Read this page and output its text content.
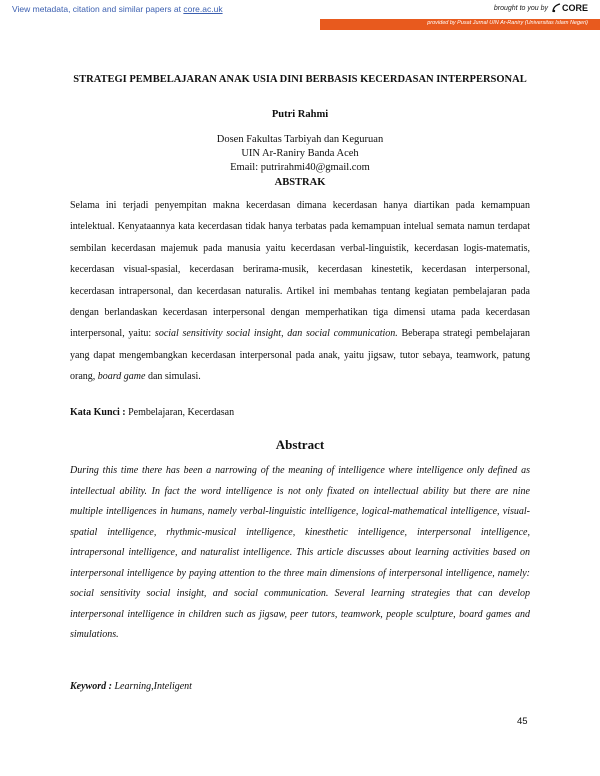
View metadata, citation and similar papers at core.ac.uk	brought to you by CORE
provided by Pusat Jurnal UIN Ar-Raniry (Universitas Islam Negeri)
STRATEGI PEMBELAJARAN ANAK USIA DINI BERBASIS KECERDASAN INTERPERSONAL
Putri Rahmi
Dosen Fakultas Tarbiyah dan Keguruan
UIN Ar-Raniry Banda Aceh
Email: putrirahmi40@gmail.com
ABSTRAK
Selama ini terjadi penyempitan makna kecerdasan dimana kecerdasan hanya diartikan pada kemampuan intelektual. Kenyataannya kata kecerdasan tidak hanya terbatas pada kemampuan intelual semata namun terdapat sembilan kecerdasan majemuk pada manusia yaitu kecerdasan verbal-linguistik, kecerdasan logis-matematis, kecerdasan visual-spasial, kecerdasan berirama-musik, kecerdasan kinestetik, kecerdasan interpersonal, kecerdasan intrapersonal, dan kecerdasan naturalis. Artikel ini membahas tentang kegiatan pembelajaran pada dengan berlandaskan kecerdasan interpersonal dengan memperhatikan tiga dimensi utama pada kecerdasan interpersonal, yaitu: social sensitivity social insight, dan social communication. Beberapa strategi pembelajaran yang dapat mengembangkan kecerdasan interpersonal pada anak, yaitu jigsaw, tutor sebaya, teamwork, patung orang, board game dan simulasi.
Kata Kunci : Pembelajaran, Kecerdasan
Abstract
During this time there has been a narrowing of the meaning of intelligence where intelligence only defined as intellectual ability. In fact the word intelligence is not only fixated on intellectual ability but there are nine multiple intelligences in humans, namely verbal-linguistic intelligence, logical-mathematical intelligence, visual-spatial intelligence, rhythmic-musical intelligence, kinesthetic intelligence, interpersonal intelligence, intrapersonal intelligence, and naturalist intelligence. This article discusses about learning activities based on interpersonal intelligence by paying attention to the three main dimensions of interpersonal intelligence, namely: social sensitivity social insight, and social communication. Several learning strategies that can develop interpersonal intelligence in children such as jigsaw, peer tutors, teamwork, people sculpture, board games and simulations.
Keyword : Learning,Inteligent
45
